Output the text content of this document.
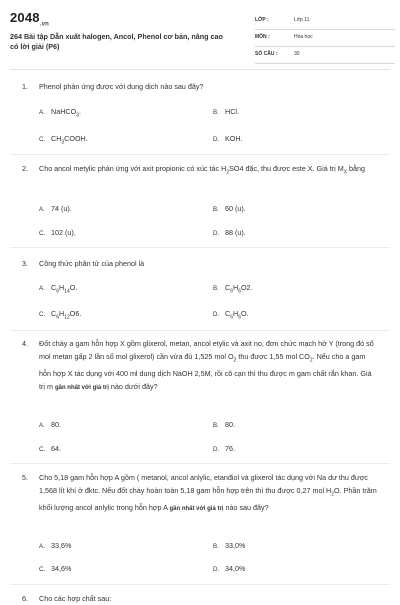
$2048_{.vn}$
264 Bài tập Dẫn xuất halogen, Ancol, Phenol cơ bản, nâng cao có lời giải (P6)
LỚP :	Lớp 11
MÔN :	Hóa học
SỐ CÂU :	30
1. Phenol phản ứng được với dung dịch nào sau đây?
A. NaHCO$_3$.	B. HCl.
C. $CH_3COOH$.	D. KOH.
2. Cho ancol metylic phản ứng với axit propionic có xúc tác $H_2SO4$ đặc, thu được este X. Giá trị $M_X$ bằng
A. 74 (u).	B. 60 (u).
C. 102 (u).	D. 88 (u).
3. Công thức phân tử của phenol là
A. $C_6H_{14}O$.	B. $C_6H_6O2$.
C. $C_6H_{12}O6$.	D. $C_6H_6O$.
4. Đốt cháy a gam hỗn hợp X gồm glixerol, metan, ancol etylic và axit no, đơn chức mạch hở Y (trong đó số mol metan gấp 2 lần số mol glixerol) cần vừa đủ 1,525 mol $O_2$ thu được 1,55 mol $CO_2$. Nếu cho a gam hỗn hợp X tác dụng với 400 ml dung dịch NaOH 2,5M, rồi cô cạn thì thu được m gam chất rắn khan. Giá trị m gần nhất với giá trị nào dưới đây?
A. 80.	B. 80.
C. 64.	D. 76.
5. Cho 5,18 gam hỗn hợp A gồm ( metanol, ancol anlylic, etanđiol và glixerol tác dụng với Na dư thu được 1,568 lít khí ở đktc. Nếu đốt cháy hoàn toàn 5,18 gam hỗn hợp trên thì thu được 0,27 mol $H_2O$. Phần trăm khối lượng ancol anlylic trong hỗn hợp A gần nhất với giá trị nào sau đây?
A. 33,6%	B. 33,0%
C. 34,6%	D. 34,0%
6. Cho các hợp chất sau:
